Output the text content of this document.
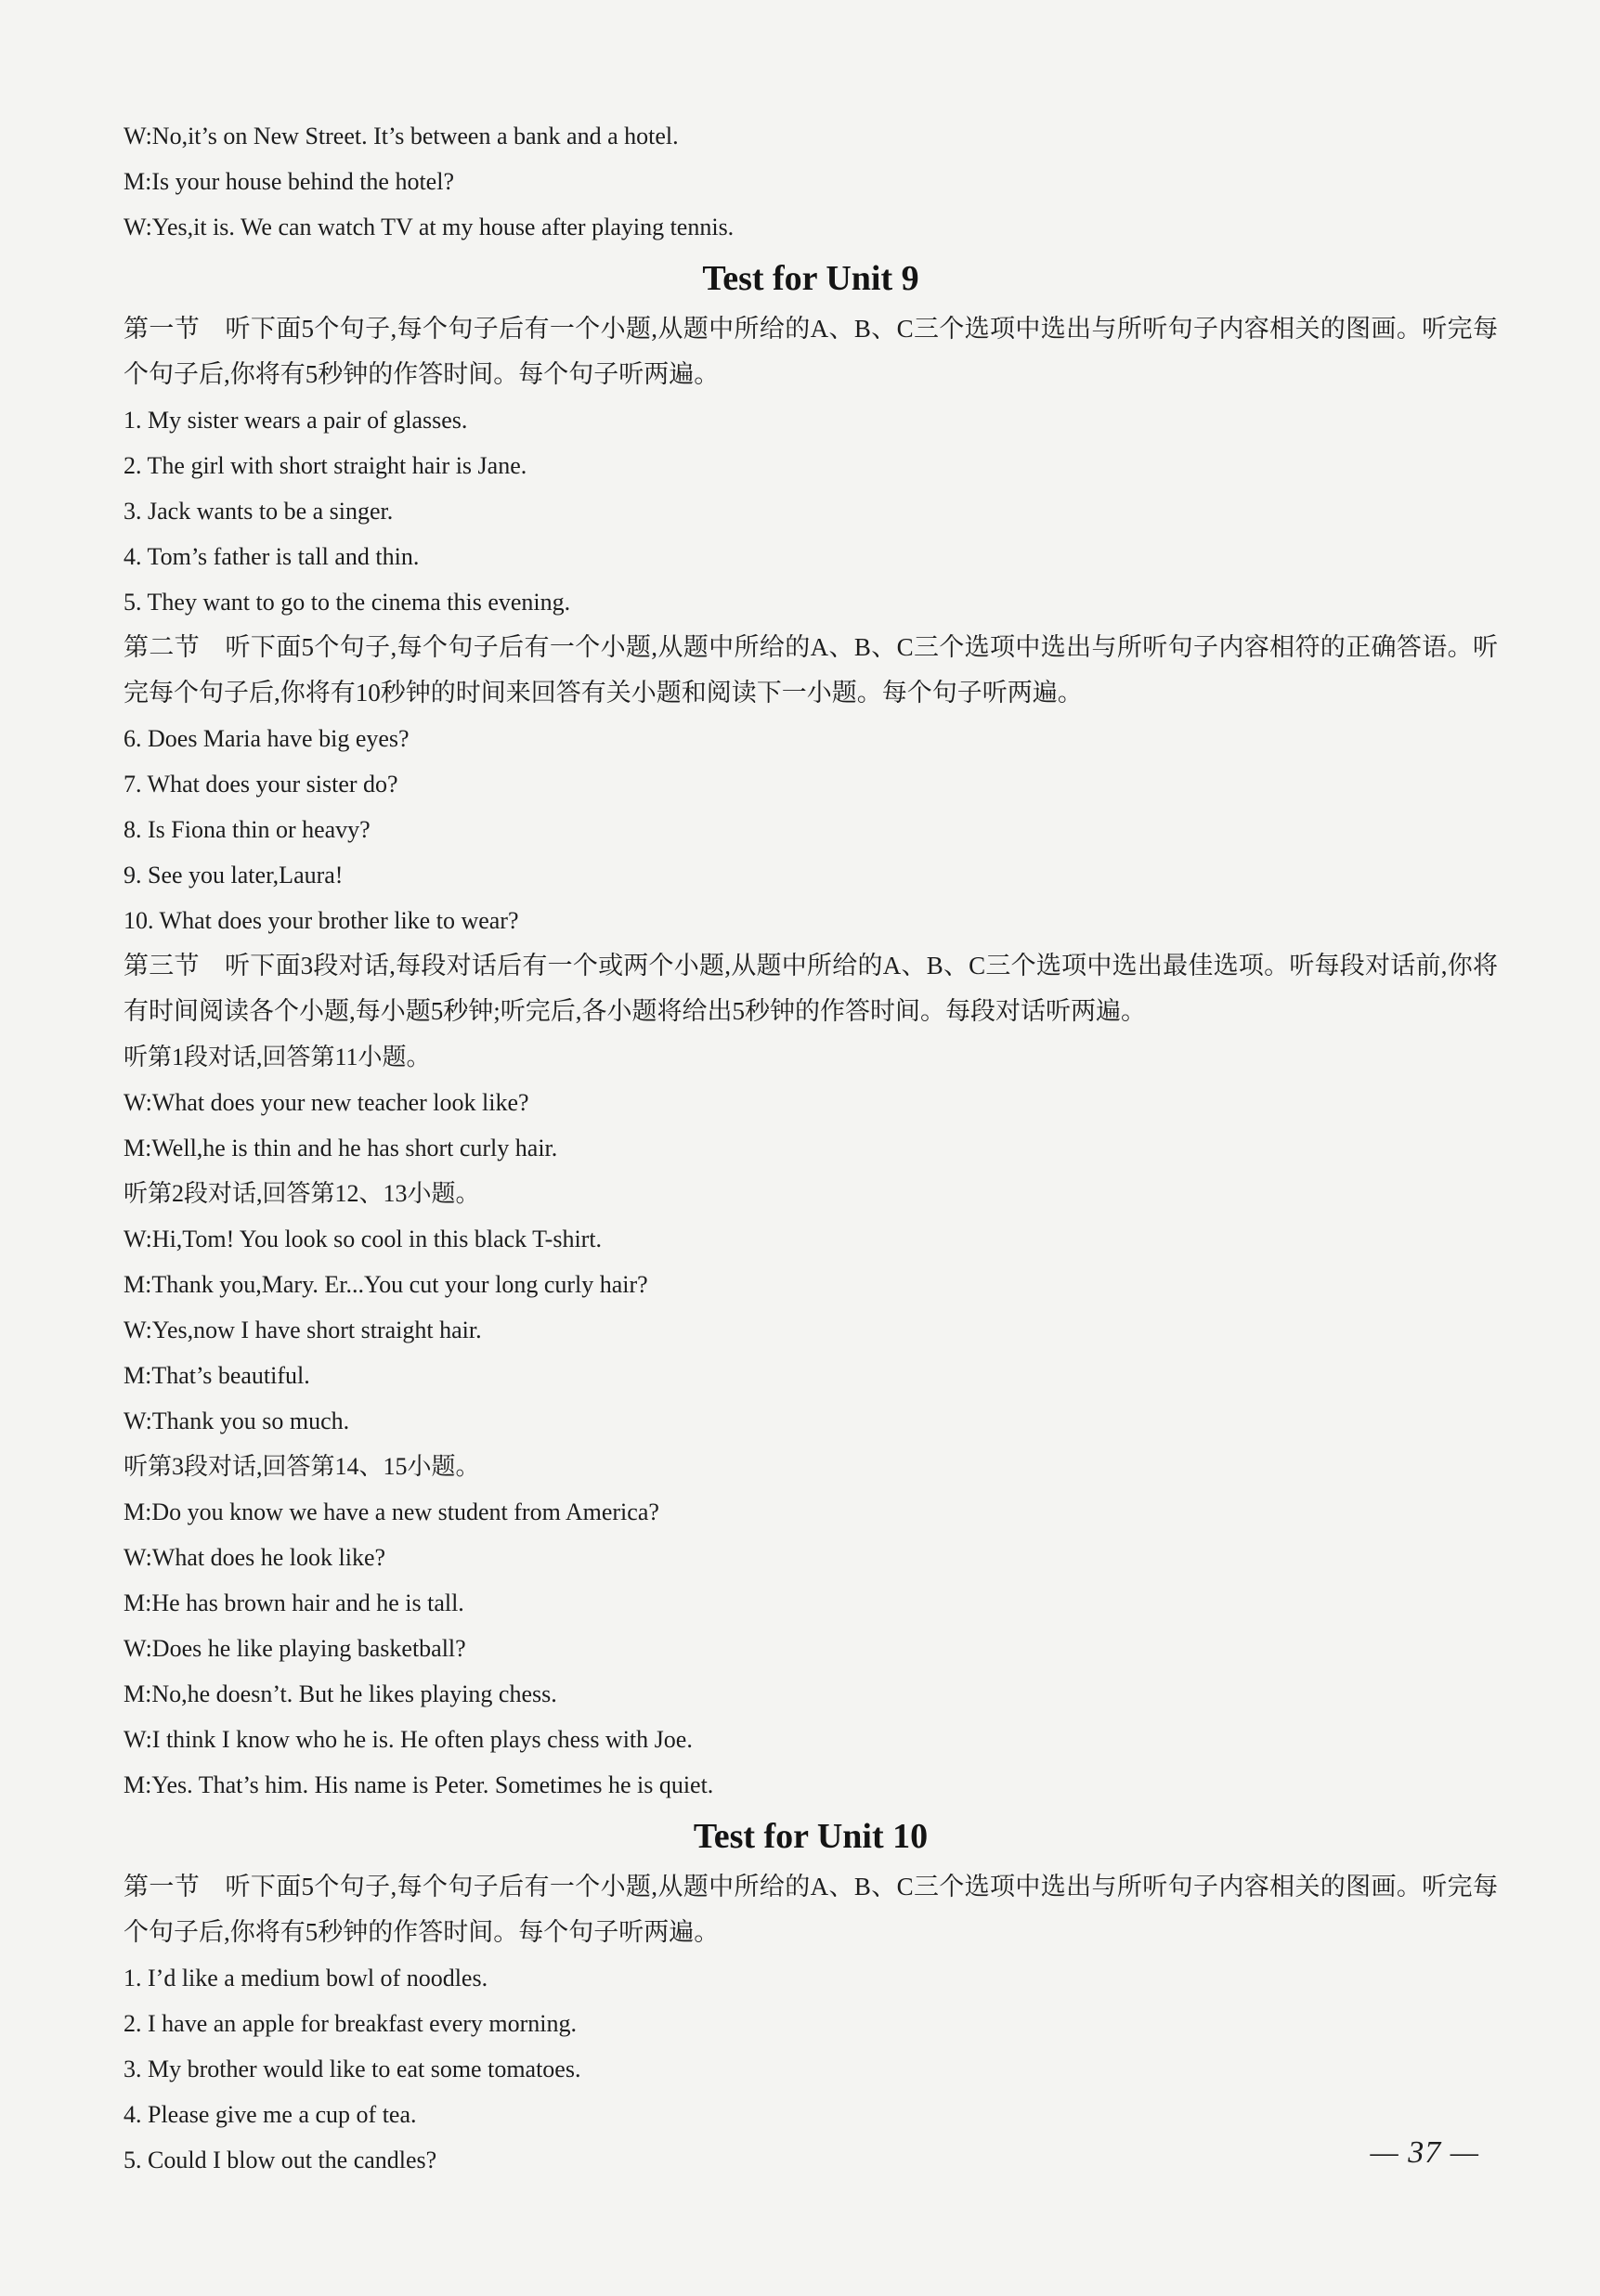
W:No,it’s on New Street. It’s between a bank and a hotel.
M:Is your house behind the hotel?
W:Yes,it is. We can watch TV at my house after playing tennis.
Test for Unit 9
第一节　听下面5个句子,每个句子后有一个小题,从题中所给的A、B、C三个选项中选出与所听句子内容相关的图画。听完每个句子后,你将有5秒钟的作答时间。每个句子听两遍。
1. My sister wears a pair of glasses.
2. The girl with short straight hair is Jane.
3. Jack wants to be a singer.
4. Tom’s father is tall and thin.
5. They want to go to the cinema this evening.
第二节　听下面5个句子,每个句子后有一个小题,从题中所给的A、B、C三个选项中选出与所听句子内容相符的正确答语。听完每个句子后,你将有10秒钟的时间来回答有关小题和阅读下一小题。每个句子听两遍。
6. Does Maria have big eyes?
7. What does your sister do?
8. Is Fiona thin or heavy?
9. See you later,Laura!
10. What does your brother like to wear?
第三节　听下面3段对话,每段对话后有一个或两个小题,从题中所给的A、B、C三个选项中选出最佳选项。听每段对话前,你将有时间阅读各个小题,每小题5秒钟;听完后,各小题将给出5秒钟的作答时间。每段对话听两遍。
听第1段对话,回答第11小题。
W:What does your new teacher look like?
M:Well,he is thin and he has short curly hair.
听第2段对话,回答第12、13小题。
W:Hi,Tom! You look so cool in this black T-shirt.
M:Thank you,Mary. Er...You cut your long curly hair?
W:Yes,now I have short straight hair.
M:That’s beautiful.
W:Thank you so much.
听第3段对话,回答第14、15小题。
M:Do you know we have a new student from America?
W:What does he look like?
M:He has brown hair and he is tall.
W:Does he like playing basketball?
M:No,he doesn’t. But he likes playing chess.
W:I think I know who he is. He often plays chess with Joe.
M:Yes. That’s him. His name is Peter. Sometimes he is quiet.
Test for Unit 10
第一节　听下面5个句子,每个句子后有一个小题,从题中所给的A、B、C三个选项中选出与所听句子内容相关的图画。听完每个句子后,你将有5秒钟的作答时间。每个句子听两遍。
1. I’d like a medium bowl of noodles.
2. I have an apple for breakfast every morning.
3. My brother would like to eat some tomatoes.
4. Please give me a cup of tea.
5. Could I blow out the candles?	— 37 —
